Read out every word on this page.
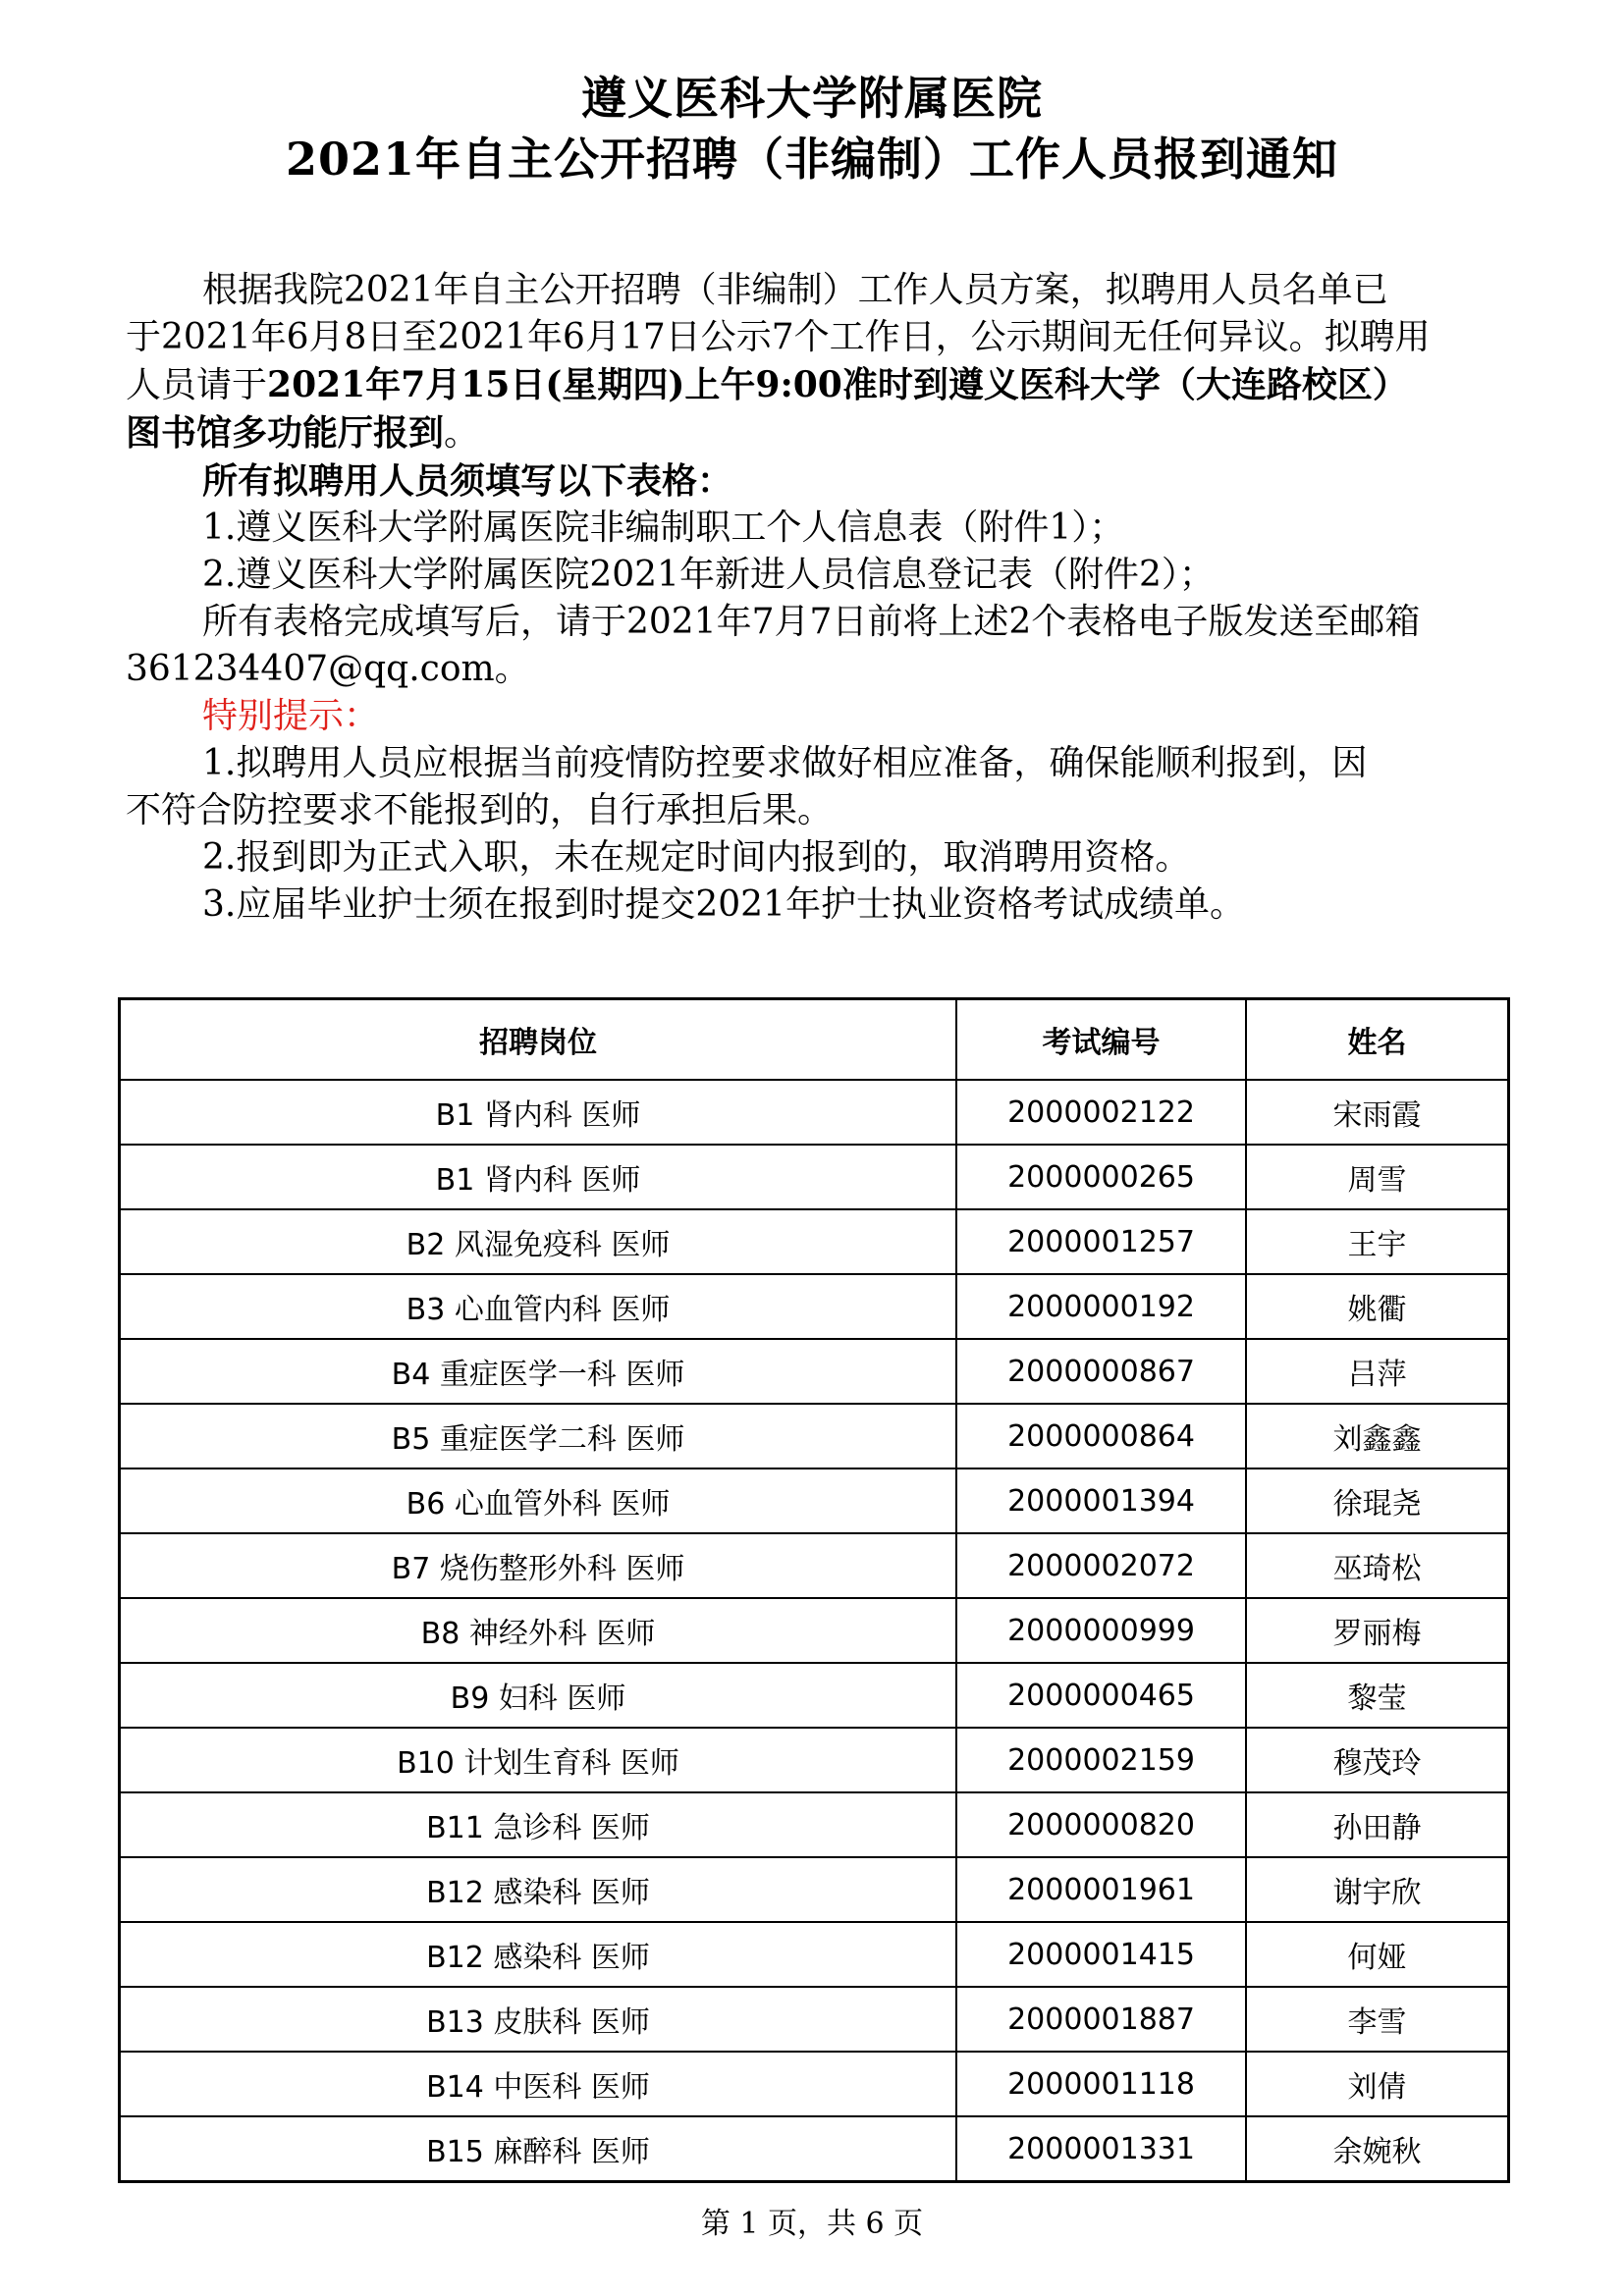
遵义医科大学附属医院
2021年自主公开招聘（非编制）工作人员报到通知

根据我院2021年自主公开招聘（非编制）工作人员方案，拟聘用人员名单已

于2021年6月8日至2021年6月17日公示7个工作日，公示期间无任何异议。拟聘用

人员请于2021年7月15日(星期四)上午9:00准时到遵义医科大学（大连路校区）

图书馆多功能厅报到。

所有拟聘用人员须填写以下表格：

1.遵义医科大学附属医院非编制职工个人信息表（附件1）；

2.遵义医科大学附属医院2021年新进人员信息登记表（附件2）；

所有表格完成填写后，请于2021年7月7日前将上述2个表格电子版发送至邮箱

361234407@qq.com。

特别提示：

1.拟聘用人员应根据当前疫情防控要求做好相应准备，确保能顺利报到，因

不符合防控要求不能报到的，自行承担后果。

2.报到即为正式入职，未在规定时间内报到的，取消聘用资格。

3.应届毕业护士须在报到时提交2021年护士执业资格考试成绩单。

招聘岗位	考试编号	姓名
B1 肾内科 医师	2000002122	宋雨霞
B1 肾内科 医师	2000000265	周雪
B2 风湿免疫科 医师	2000001257	王宇
B3 心血管内科 医师	2000000192	姚衢
B4 重症医学一科 医师	2000000867	吕萍
B5 重症医学二科 医师	2000000864	刘鑫鑫
B6 心血管外科 医师	2000001394	徐琨尧
B7 烧伤整形外科 医师	2000002072	巫琦松
B8 神经外科 医师	2000000999	罗丽梅
B9 妇科 医师	2000000465	黎莹
B10 计划生育科 医师	2000002159	穆茂玲
B11 急诊科 医师	2000000820	孙田静
B12 感染科 医师	2000001961	谢宇欣
B12 感染科 医师	2000001415	何娅
B13 皮肤科 医师	2000001887	李雪
B14 中医科 医师	2000001118	刘倩
B15 麻醉科 医师	2000001331	余婉秋
第 1 页，共 6 页
